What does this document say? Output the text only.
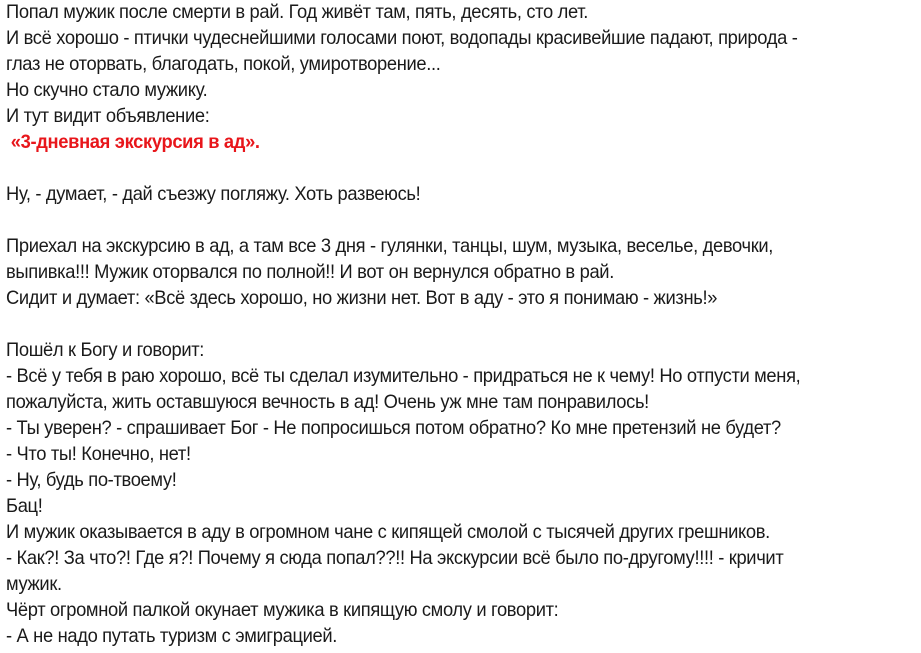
Попал мужик после смерти в рай. Год живёт там, пять, десять, сто лет.
И всё хорошо - птички чудеснейшими голосами поют, водопады красивейшие падают, природа -
глаз не оторвать, благодать, покой, умиротворение...
Но скучно стало мужику.
И тут видит объявление:
«3-дневная экскурсия в ад».
Ну, - думает, - дай съезжу погляжу. Хоть развеюсь!
Приехал на экскурсию в ад, а там все 3 дня - гулянки, танцы, шум, музыка, веселье, девочки,
выпивка!!! Мужик оторвался по полной!! И вот он вернулся обратно в рай.
Сидит и думает: «Всё здесь хорошо, но жизни нет. Вот в аду - это я понимаю - жизнь!»
Пошёл к Богу и говорит:
- Всё у тебя в раю хорошо, всё ты сделал изумительно - придраться не к чему! Но отпусти меня,
пожалуйста, жить оставшуюся вечность в ад! Очень уж мне там понравилось!
- Ты уверен? - спрашивает Бог - Не попросишься потом обратно? Ко мне претензий не будет?
- Что ты! Конечно, нет!
- Ну, будь по-твоему!
Бац!
И мужик оказывается в аду в огромном чане с кипящей смолой с тысячей других грешников.
- Как?! За что?! Где я?! Почему я сюда попал??!! На экскурсии всё было по-другому!!!! - кричит
мужик.
Чёрт огромной палкой окунает мужика в кипящую смолу и говорит:
- А не надо путать туризм с эмиграцией.
